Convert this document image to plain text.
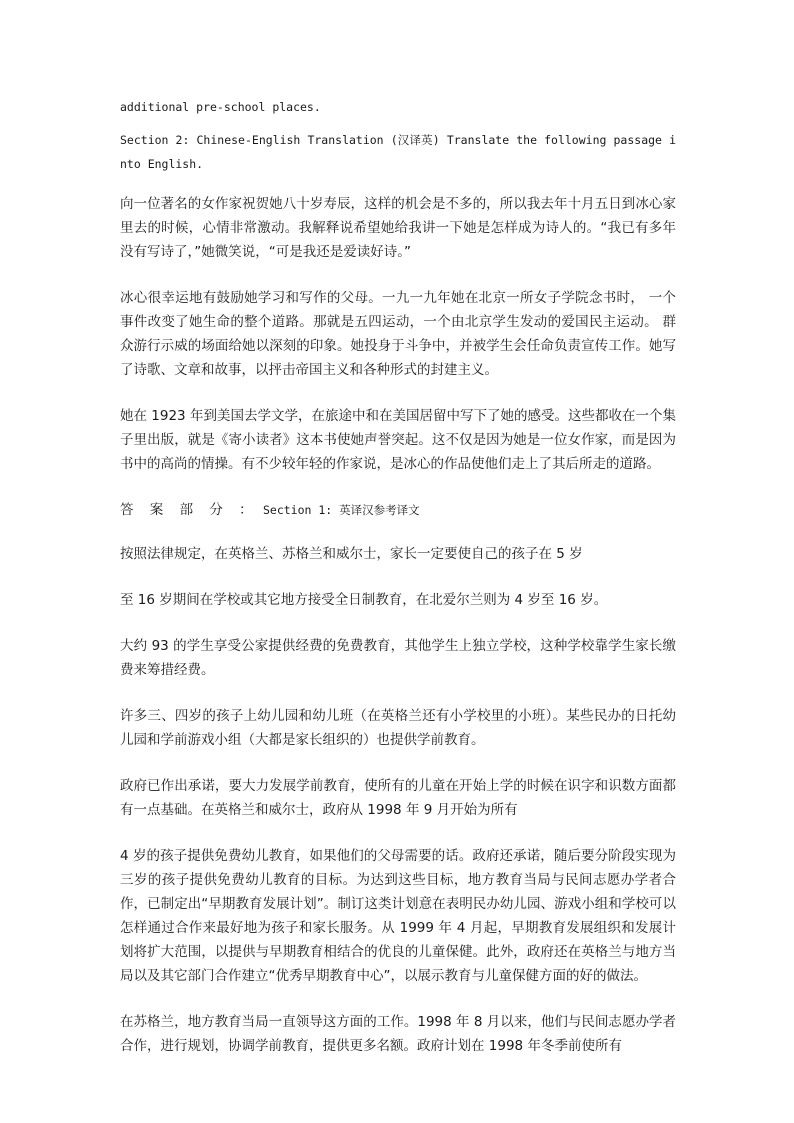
additional pre-school places.

Section 2: Chinese-English Translation (汉译英) Translate the following passage into English.

向一位著名的女作家祝贺她八十岁寿辰，这样的机会是不多的，所以我去年十月五日到冰心家里去的时候，心情非常激动。我解释说希望她给我讲一下她是怎样成为诗人的。“我已有多年没有写诗了，”她微笑说，“可是我还是爱读好诗。”

冰心很幸运地有鼓励她学习和写作的父母。一九一九年她在北京一所女子学院念书时， 一个事件改变了她生命的整个道路。那就是五四运动，一个由北京学生发动的爱国民主运动。 群众游行示威的场面给她以深刻的印象。她投身于斗争中，并被学生会任命负责宣传工作。她写了诗歌、文章和故事，以抨击帝国主义和各种形式的封建主义。

她在 1923 年到美国去学文学，在旅途中和在美国居留中写下了她的感受。这些都收在一个集子里出版，就是《寄小读者》这本书使她声誉突起。这不仅是因为她是一位女作家，而是因为书中的高尚的情操。有不少较年轻的作家说，是冰心的作品使他们走上了其后所走的道路。

答 案 部 分 ： Section 1: 英译汉参考译文

按照法律规定，在英格兰、苏格兰和威尔士，家长一定要使自己的孩子在 5 岁

至 16 岁期间在学校或其它地方接受全日制教育，在北爱尔兰则为 4 岁至 16 岁。

大约 93 的学生享受公家提供经费的免费教育，其他学生上独立学校，这种学校靠学生家长缴费来筹措经费。

许多三、四岁的孩子上幼儿园和幼儿班（在英格兰还有小学校里的小班）。某些民办的日托幼儿园和学前游戏小组（大都是家长组织的）也提供学前教育。

政府已作出承诺，要大力发展学前教育，使所有的儿童在开始上学的时候在识字和识数方面都有一点基础。在英格兰和威尔士，政府从 1998 年 9 月开始为所有

4 岁的孩子提供免费幼儿教育，如果他们的父母需要的话。政府还承诺，随后要分阶段实现为三岁的孩子提供免费幼儿教育的目标。为达到这些目标，地方教育当局与民间志愿办学者合作，已制定出“早期教育发展计划”。制订这类计划意在表明民办幼儿园、游戏小组和学校可以怎样通过合作来最好地为孩子和家长服务。从 1999 年 4 月起，早期教育发展组织和发展计划将扩大范围，以提供与早期教育相结合的优良的儿童保健。此外，政府还在英格兰与地方当局以及其它部门合作建立“优秀早期教育中心”，以展示教育与儿童保健方面的好的做法。

在苏格兰，地方教育当局一直领导这方面的工作。1998 年 8 月以来，他们与民间志愿办学者合作，进行规划，协调学前教育，提供更多名额。政府计划在 1998 年冬季前使所有
